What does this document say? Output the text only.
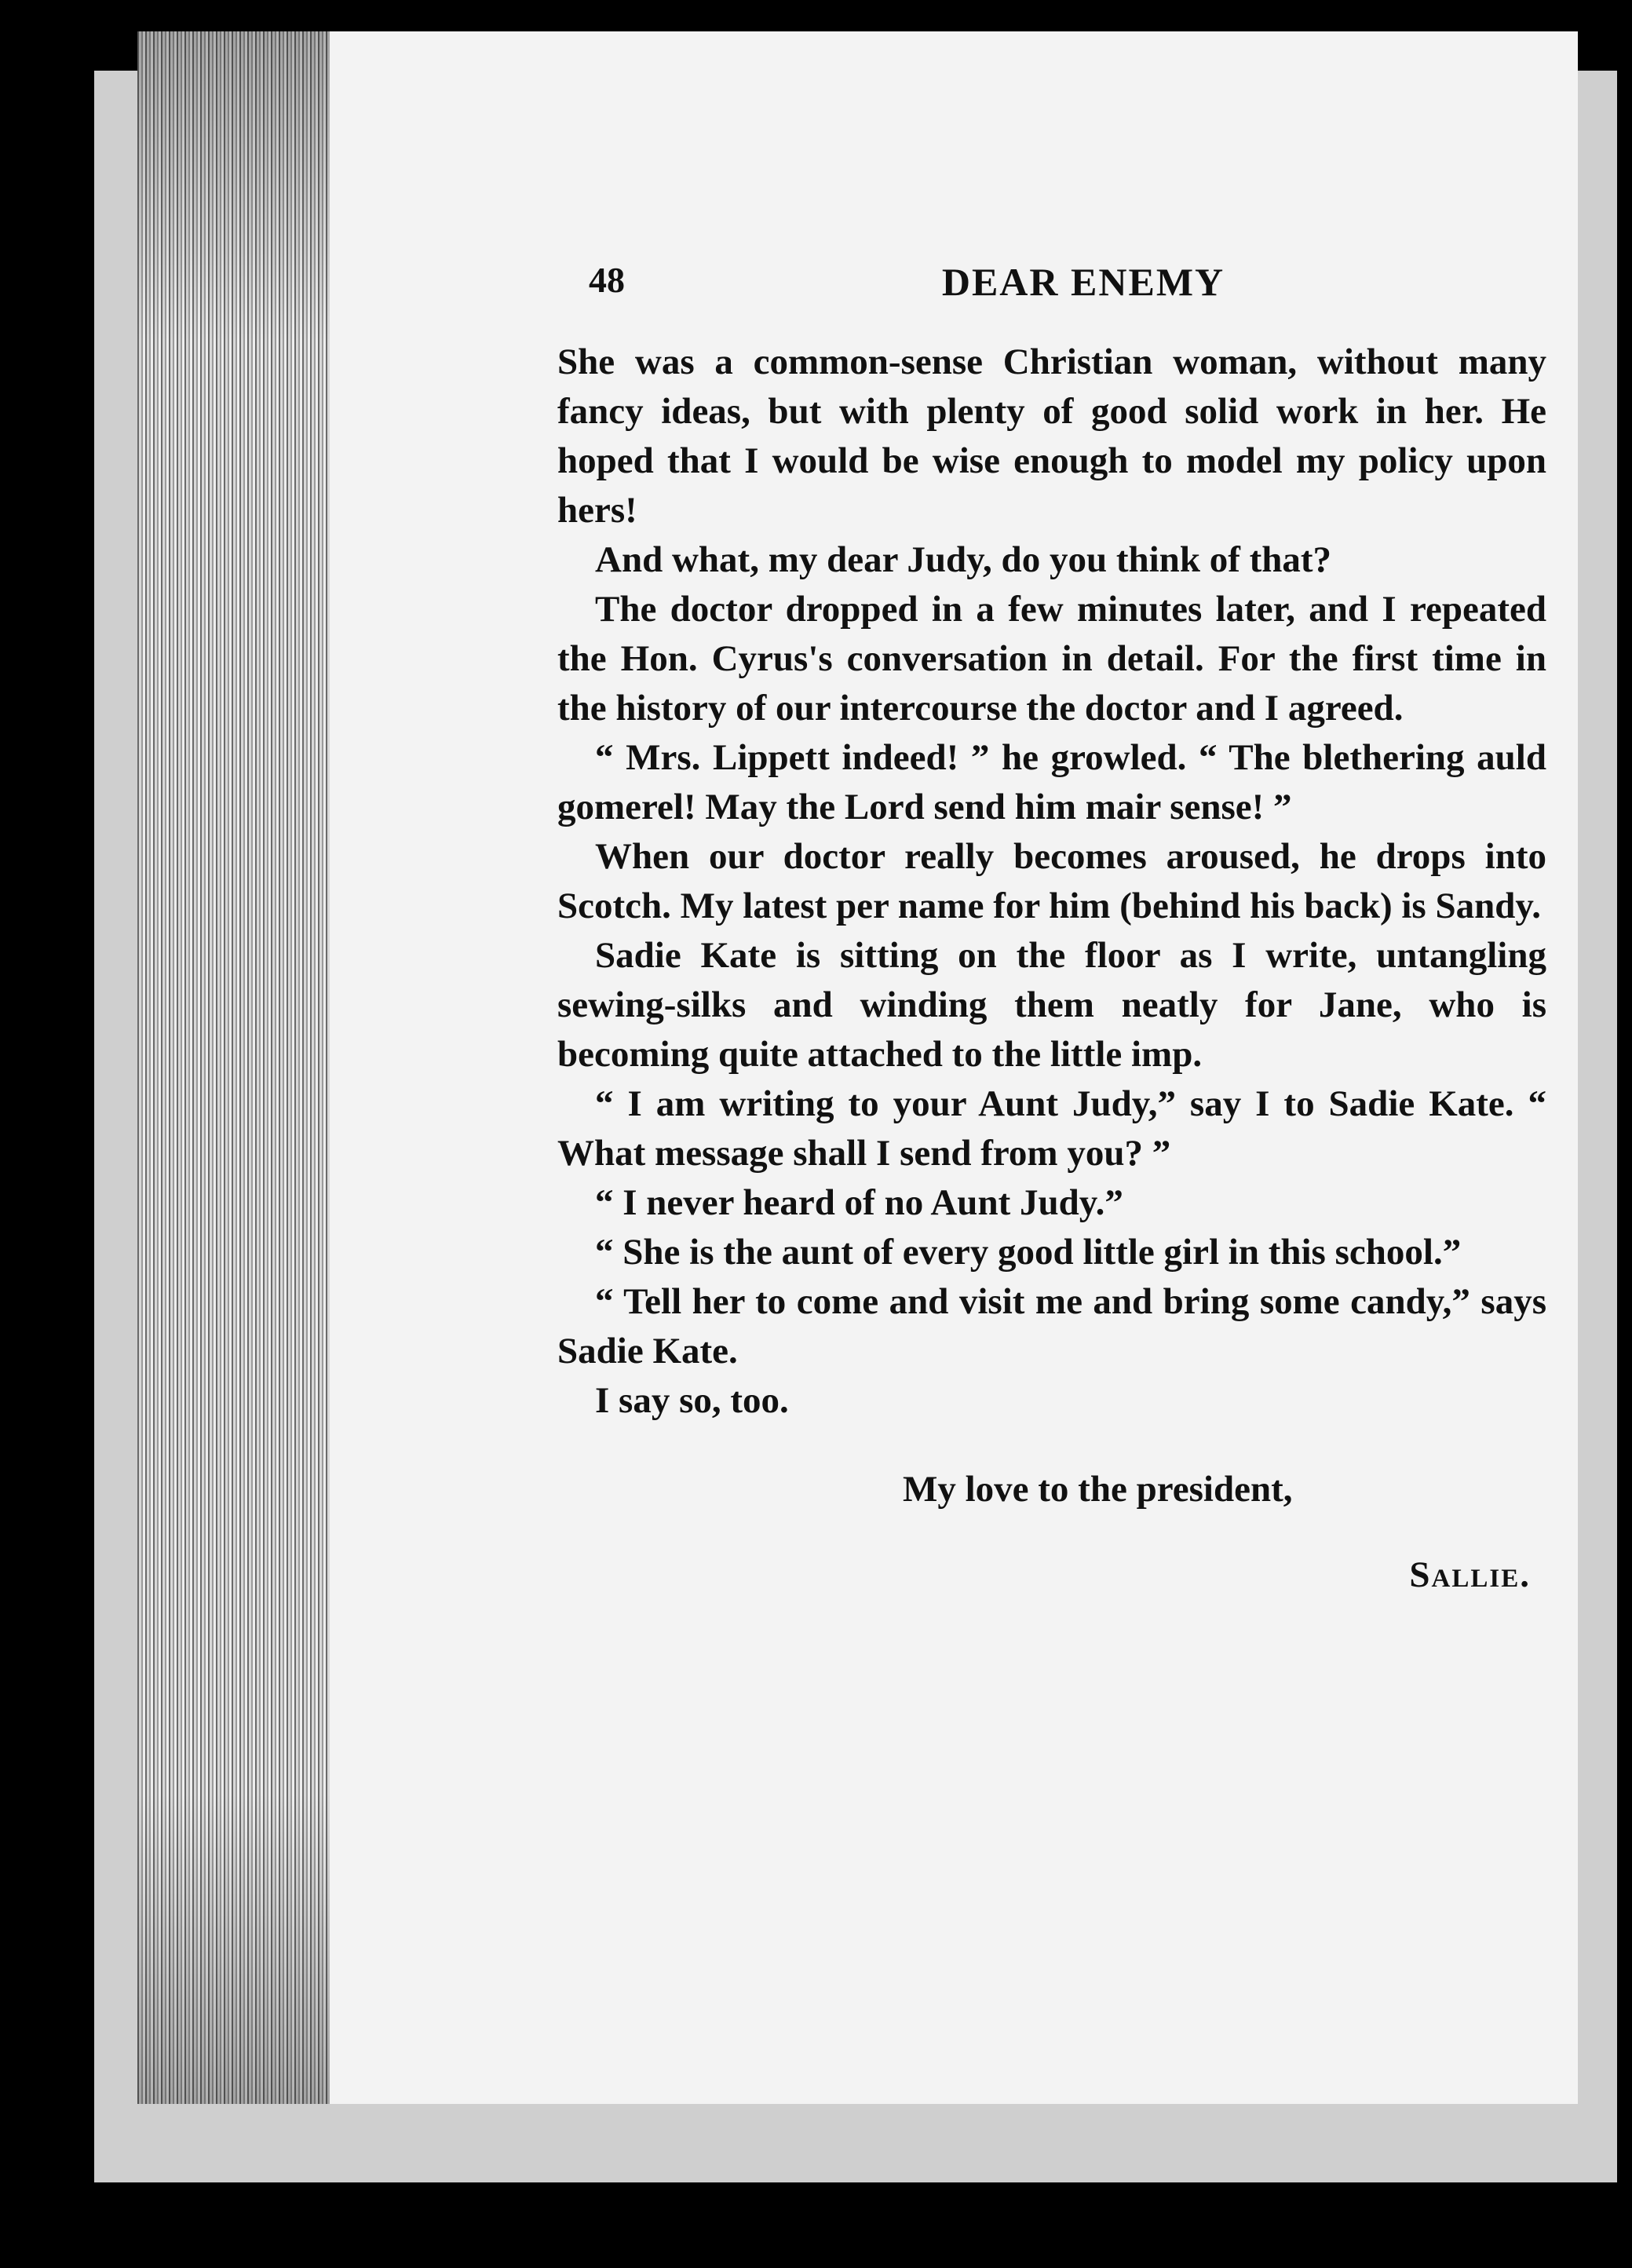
48	DEAR ENEMY

She was a common-sense Christian woman, without many fancy ideas, but with plenty of good solid work in her. He hoped that I would be wise enough to model my policy upon hers!

And what, my dear Judy, do you think of that?

The doctor dropped in a few minutes later, and I repeated the Hon. Cyrus's conversation in detail. For the first time in the history of our intercourse the doctor and I agreed.

“ Mrs. Lippett indeed! ” he growled. “ The blethering auld gomerel! May the Lord send him mair sense! ”

When our doctor really becomes aroused, he drops into Scotch. My latest per name for him (behind his back) is Sandy.

Sadie Kate is sitting on the floor as I write, untangling sewing-silks and winding them neatly for Jane, who is becoming quite attached to the little imp.

“ I am writing to your Aunt Judy,” say I to Sadie Kate. “ What message shall I send from you? ”

“ I never heard of no Aunt Judy.”

“ She is the aunt of every good little girl in this school.”

“ Tell her to come and visit me and bring some candy,” says Sadie Kate.

I say so, too.

My love to the president,
Sallie.
